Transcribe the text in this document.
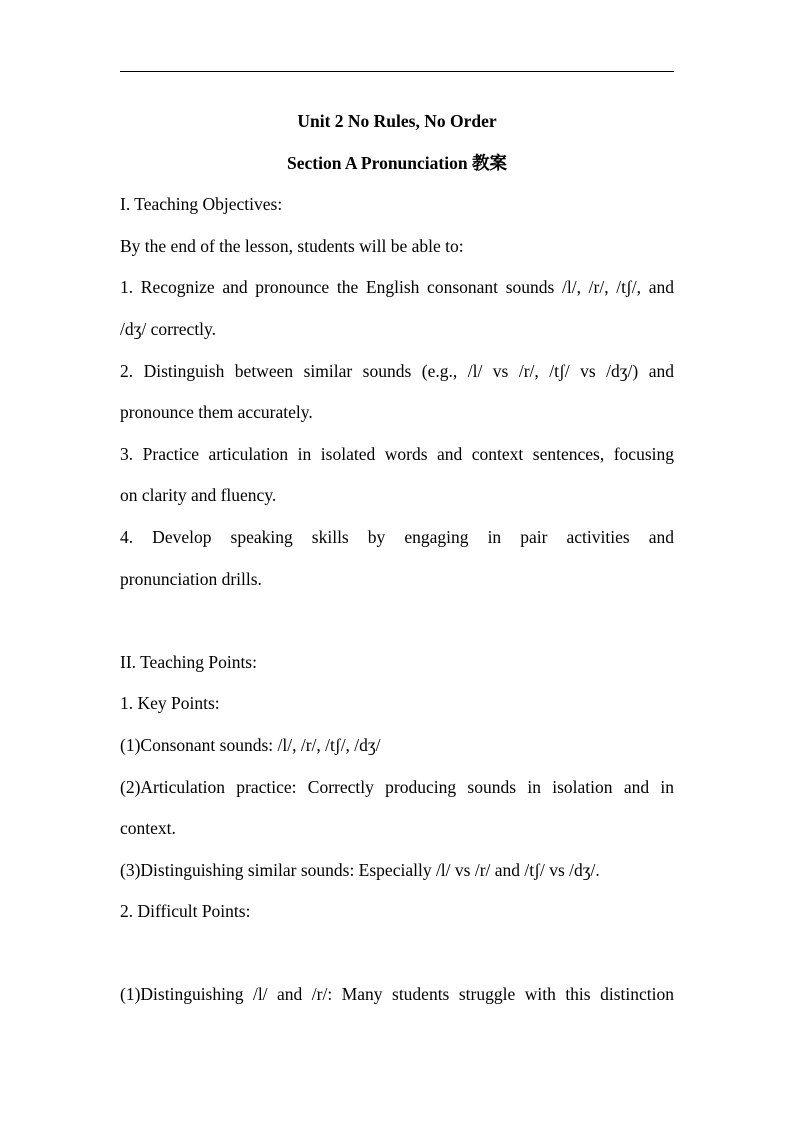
Unit 2 No Rules, No Order

Section A Pronunciation 教案

I. Teaching Objectives:

By the end of the lesson, students will be able to:

1. Recognize and pronounce the English consonant sounds /l/, /r/, /tʃ/, and

/dʒ/ correctly.

2. Distinguish between similar sounds (e.g., /l/ vs /r/, /tʃ/ vs /dʒ/) and

pronounce them accurately.

3. Practice articulation in isolated words and context sentences, focusing

on clarity and fluency.

4. Develop speaking skills by engaging in pair activities and

pronunciation drills.

II. Teaching Points:

1. Key Points:

(1)Consonant sounds: /l/, /r/, /tʃ/, /dʒ/

(2)Articulation practice: Correctly producing sounds in isolation and in

context.

(3)Distinguishing similar sounds: Especially /l/ vs /r/ and /tʃ/ vs /dʒ/.

2. Difficult Points:

(1)Distinguishing /l/ and /r/: Many students struggle with this distinction
